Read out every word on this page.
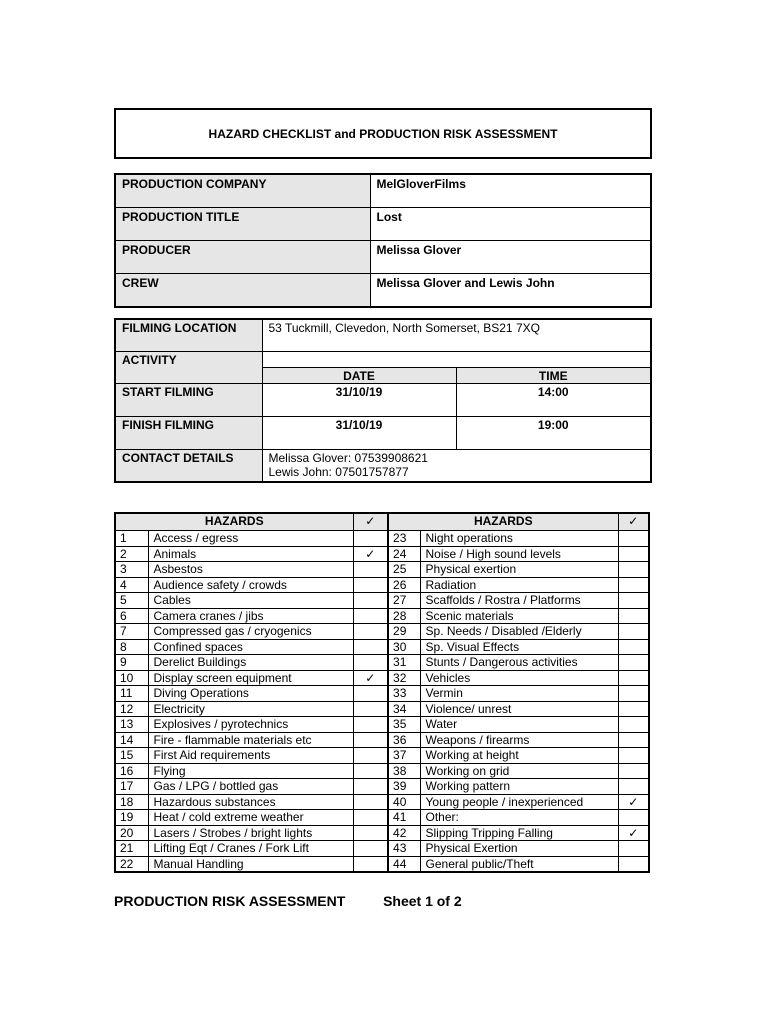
HAZARD CHECKLIST and PRODUCTION RISK ASSESSMENT
PRODUCTION COMPANY	MelGloverFilms
PRODUCTION TITLE	Lost
PRODUCER	Melissa Glover
CREW	Melissa Glover and Lewis John
FILMING LOCATION	53 Tuckmill, Clevedon, North Somerset, BS21 7XQ	
ACTIVITY		
	DATE	TIME
START FILMING	31/10/19	14:00
FINISH FILMING	31/10/19	19:00
CONTACT DETAILS	Melissa Glover: 07539908621
Lewis John: 07501757877	
HAZARDS		✓	HAZARDS		✓
1	Access / egress		23	Night operations	
2	Animals	✓	24	Noise / High sound levels	
3	Asbestos		25	Physical exertion	
4	Audience safety / crowds		26	Radiation	
5	Cables		27	Scaffolds / Rostra / Platforms	
6	Camera cranes / jibs		28	Scenic materials	
7	Compressed gas / cryogenics		29	Sp. Needs / Disabled /Elderly	
8	Confined spaces		30	Sp. Visual Effects	
9	Derelict Buildings		31	Stunts / Dangerous activities	
10	Display screen equipment	✓	32	Vehicles	
11	Diving Operations		33	Vermin	
12	Electricity		34	Violence/ unrest	
13	Explosives / pyrotechnics		35	Water	
14	Fire - flammable materials etc		36	Weapons / firearms	
15	First Aid requirements		37	Working at height	
16	Flying		38	Working on grid	
17	Gas / LPG / bottled gas		39	Working pattern	
18	Hazardous substances		40	Young people / inexperienced	✓
19	Heat / cold extreme weather		41	Other:	
20	Lasers / Strobes / bright lights		42	Slipping Tripping Falling	✓
21	Lifting Eqt / Cranes / Fork Lift		43	Physical Exertion	
22	Manual Handling		44	General public/Theft	
PRODUCTION RISK ASSESSMENT	Sheet 1 of 2
